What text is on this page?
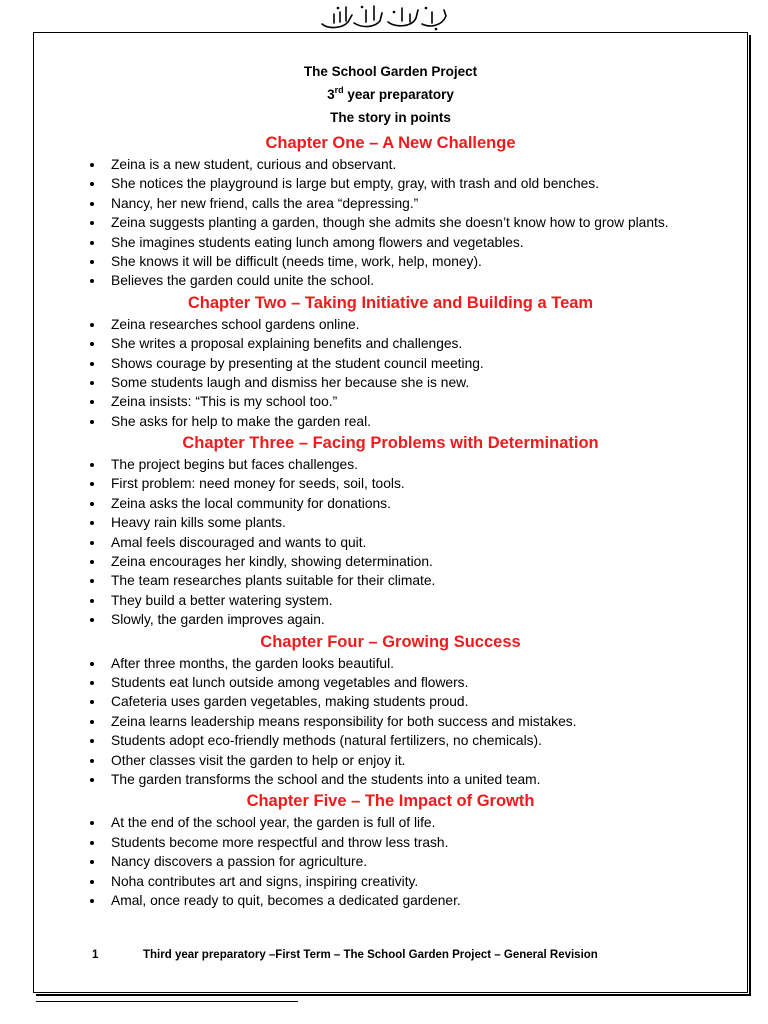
The School Garden Project

3rd year preparatory

The story in points

Chapter One – A New Challenge

Zeina is a new student, curious and observant.
She notices the playground is large but empty, gray, with trash and old benches.
Nancy, her new friend, calls the area “depressing.”
Zeina suggests planting a garden, though she admits she doesn’t know how to grow plants.
She imagines students eating lunch among flowers and vegetables.
She knows it will be difficult (needs time, work, help, money).
Believes the garden could unite the school.

Chapter Two – Taking Initiative and Building a Team

Zeina researches school gardens online.
She writes a proposal explaining benefits and challenges.
Shows courage by presenting at the student council meeting.
Some students laugh and dismiss her because she is new.
Zeina insists: “This is my school too.”
She asks for help to make the garden real.

Chapter Three – Facing Problems with Determination

The project begins but faces challenges.
First problem: need money for seeds, soil, tools.
Zeina asks the local community for donations.
Heavy rain kills some plants.
Amal feels discouraged and wants to quit.
Zeina encourages her kindly, showing determination.
The team researches plants suitable for their climate.
They build a better watering system.
Slowly, the garden improves again.

Chapter Four – Growing Success

After three months, the garden looks beautiful.
Students eat lunch outside among vegetables and flowers.
Cafeteria uses garden vegetables, making students proud.
Zeina learns leadership means responsibility for both success and mistakes.
Students adopt eco-friendly methods (natural fertilizers, no chemicals).
Other classes visit the garden to help or enjoy it.
The garden transforms the school and the students into a united team.

Chapter Five – The Impact of Growth

At the end of the school year, the garden is full of life.
Students become more respectful and throw less trash.
Nancy discovers a passion for agriculture.
Noha contributes art and signs, inspiring creativity.
Amal, once ready to quit, becomes a dedicated gardener.
1	Third year preparatory –First Term – The School Garden Project – General Revision
